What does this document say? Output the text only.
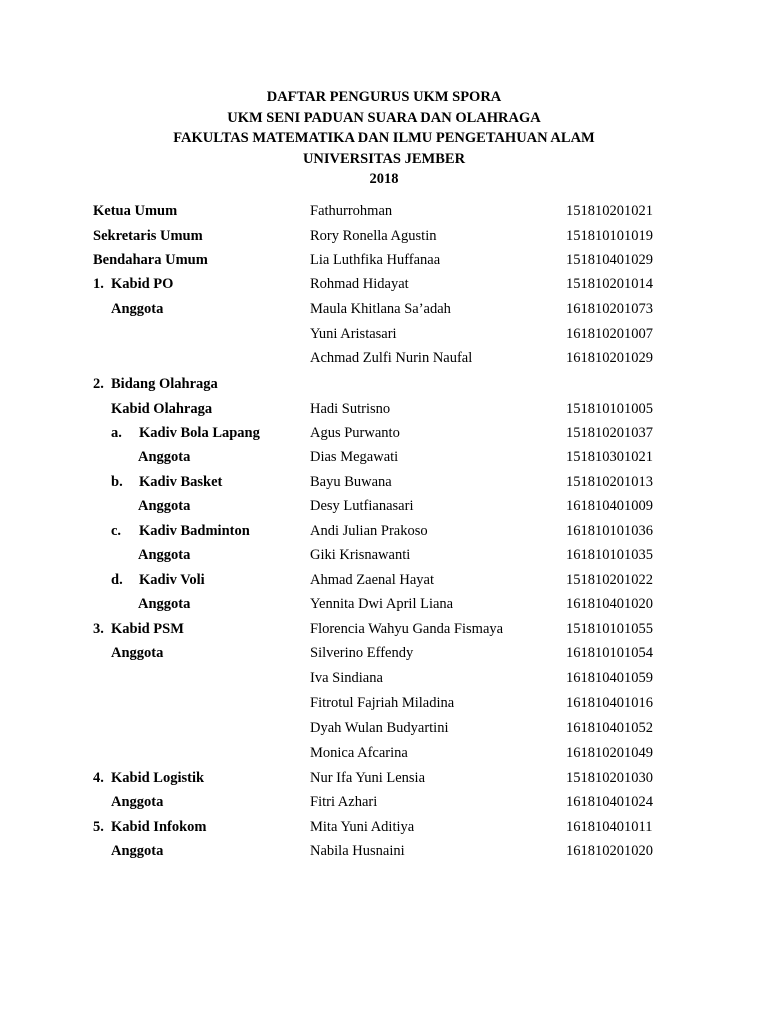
DAFTAR PENGURUS UKM SPORA
UKM SENI PADUAN SUARA DAN OLAHRAGA
FAKULTAS MATEMATIKA DAN ILMU PENGETAHUAN ALAM
UNIVERSITAS JEMBER
2018
Ketua Umum	Fathurrohman	151810201021
Sekretaris Umum	Rory Ronella Agustin	151810101019
Bendahara Umum	Lia Luthfika Huffanaa	151810401029
1. Kabid PO	Rohmad Hidayat	151810201014
Anggota	Maula Khitlana Sa’adah	161810201073
Yuni Aristasari	161810201007
Achmad Zulfi Nurin Naufal	161810201029
2. Bidang Olahraga
Kabid Olahraga	Hadi Sutrisno	151810101005
a. Kadiv Bola Lapang	Agus Purwanto	151810201037
Anggota	Dias Megawati	151810301021
b. Kadiv Basket	Bayu Buwana	151810201013
Anggota	Desy Lutfianasari	161810401009
c. Kadiv Badminton	Andi Julian Prakoso	161810101036
Anggota	Giki Krisnawanti	161810101035
d. Kadiv Voli	Ahmad Zaenal Hayat	151810201022
Anggota	Yennita Dwi April Liana	161810401020
3. Kabid PSM	Florencia Wahyu Ganda Fismaya	151810101055
Anggota	Silverino Effendy	161810101054
Iva Sindiana	161810401059
Fitrotul Fajriah Miladina	161810401016
Dyah Wulan Budyartini	161810401052
Monica Afcarina	161810201049
4. Kabid Logistik	Nur Ifa Yuni Lensia	151810201030
Anggota	Fitri Azhari	161810401024
5. Kabid Infokom	Mita Yuni Aditiya	161810401011
Anggota	Nabila Husnaini	161810201020
